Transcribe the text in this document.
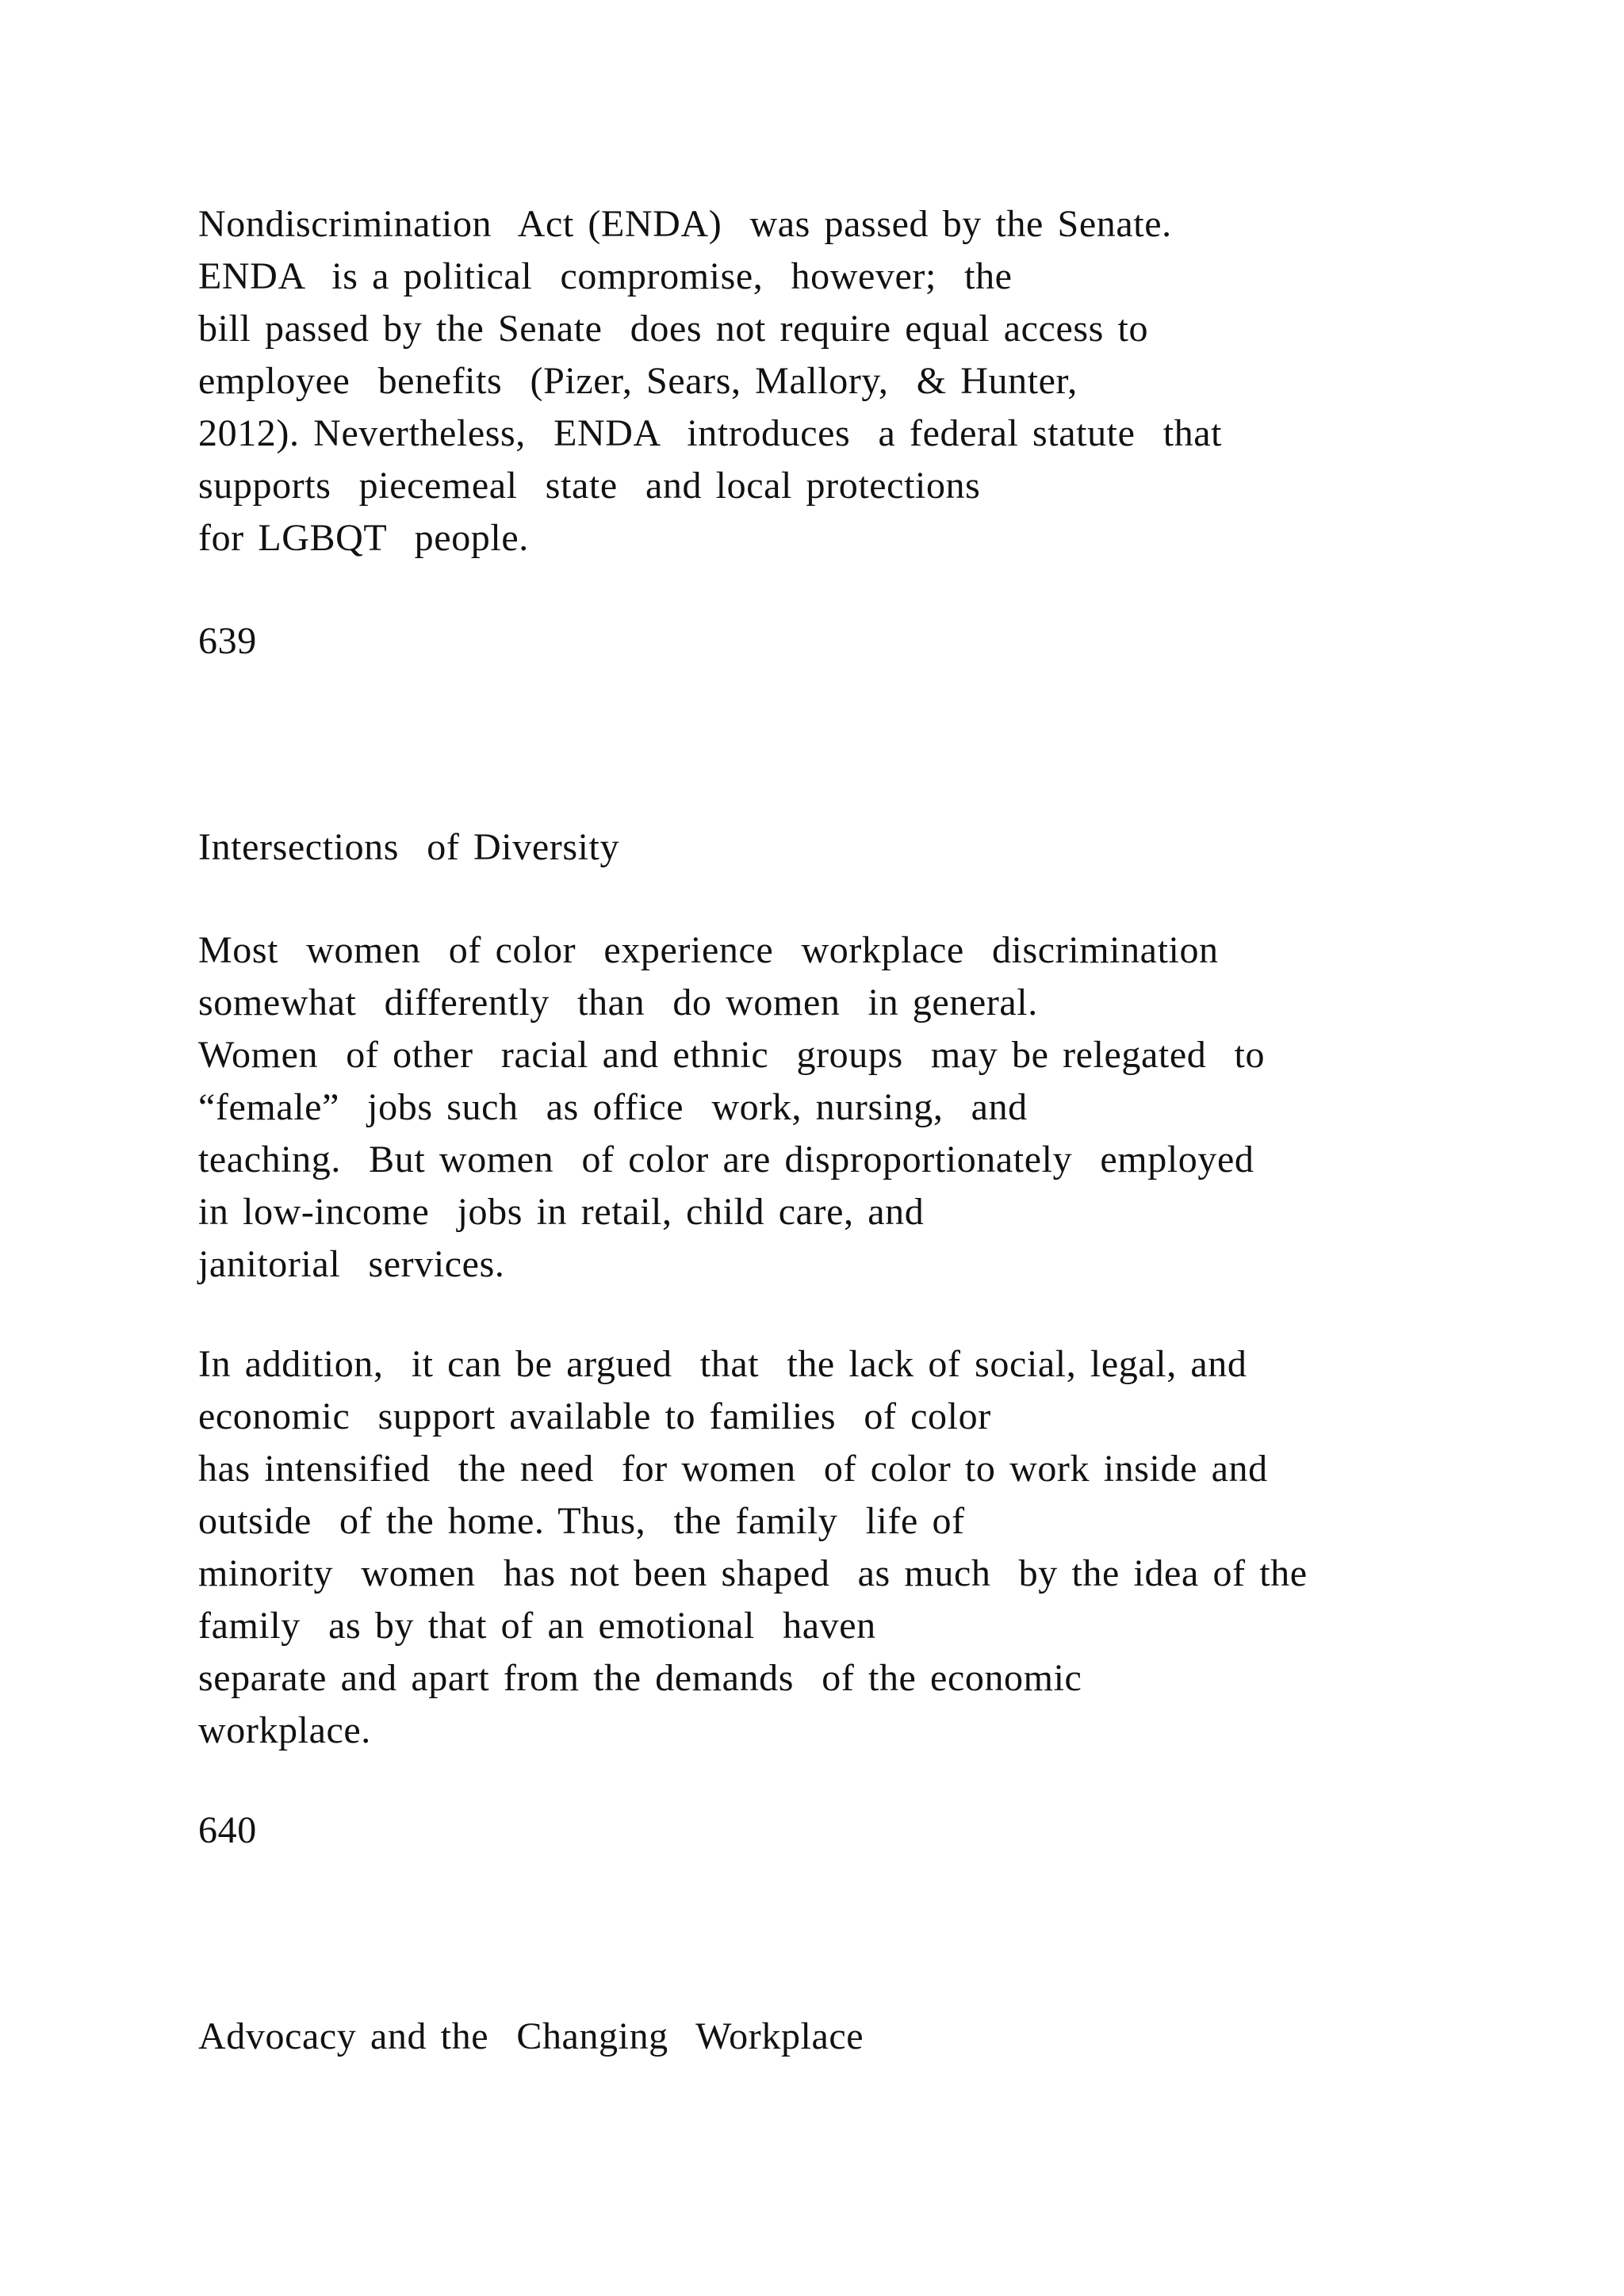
Nondiscrimination  Act (ENDA)  was passed by the Senate.
ENDA  is a political  compromise,  however;  the
bill passed by the Senate  does not require equal access to
employee  benefits  (Pizer, Sears, Mallory,  & Hunter,
2012). Nevertheless,  ENDA  introduces  a federal statute  that
supports  piecemeal  state  and local protections
for LGBQT  people.
639
Intersections  of Diversity
Most  women  of color  experience  workplace  discrimination
somewhat  differently  than  do women  in general.
Women  of other  racial and ethnic  groups  may be relegated  to
“female”  jobs such  as office  work, nursing,  and
teaching.  But women  of color are disproportionately  employed
in low-income  jobs in retail, child care, and
janitorial  services.
In addition,  it can be argued  that  the lack of social, legal, and
economic  support available to families  of color
has intensified  the need  for women  of color to work inside and
outside  of the home. Thus,  the family  life of
minority  women  has not been shaped  as much  by the idea of the
family  as by that of an emotional  haven
separate and apart from the demands  of the economic
workplace.
640
Advocacy and the  Changing  Workplace
